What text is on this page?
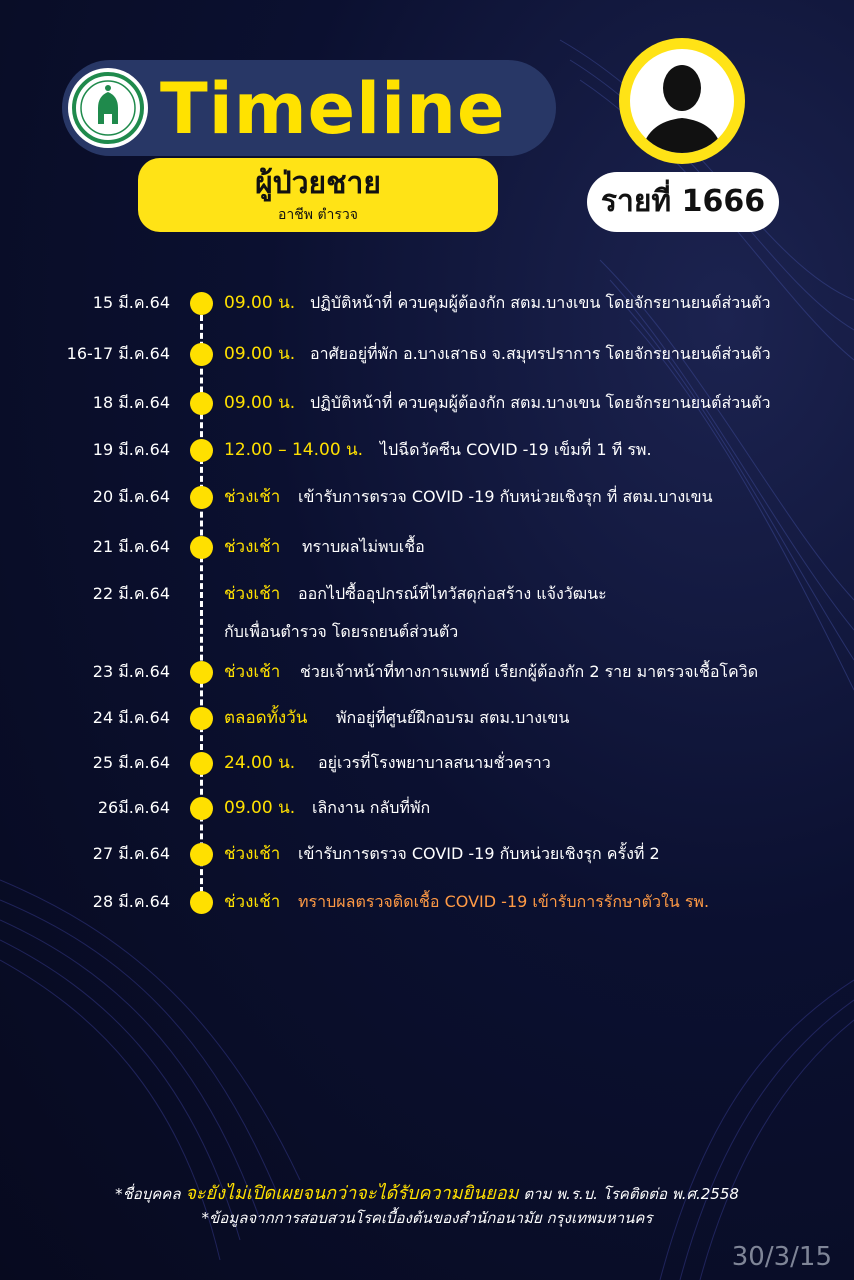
Timeline
ผู้ป่วยชาย
อาชีพ ตำรวจ	รายที่ 1666
15 มี.ค.64	09.00 น. ปฏิบัติหน้าที่ ควบคุมผู้ต้องกัก สตม.บางเขน โดยจักรยานยนต์ส่วนตัว
16-17 มี.ค.64	09.00 น. อาศัยอยู่ที่พัก อ.บางเสาธง จ.สมุทรปราการ โดยจักรยานยนต์ส่วนตัว
18 มี.ค.64	09.00 น. ปฏิบัติหน้าที่ ควบคุมผู้ต้องกัก สตม.บางเขน โดยจักรยานยนต์ส่วนตัว
19 มี.ค.64	12.00 – 14.00 น. ไปฉีดวัคซีน COVID -19 เข็มที่ 1 ที รพ.
20 มี.ค.64	ช่วงเช้า เข้ารับการตรวจ COVID -19 กับหน่วยเชิงรุก ที่ สตม.บางเขน
21 มี.ค.64	ช่วงเช้า ทราบผลไม่พบเชื้อ
22 มี.ค.64	ช่วงเช้า ออกไปซื้ออุปกรณ์ที่ไทวัสดุก่อสร้าง แจ้งวัฒนะ
กับเพื่อนตำรวจ โดยรถยนต์ส่วนตัว
23 มี.ค.64	ช่วงเช้า ช่วยเจ้าหน้าที่ทางการแพทย์ เรียกผู้ต้องกัก 2 ราย มาตรวจเชื้อโควิด
24 มี.ค.64	ตลอดทั้งวัน พักอยู่ที่ศูนย์ฝึกอบรม สตม.บางเขน
25 มี.ค.64	24.00 น. อยู่เวรที่โรงพยาบาลสนามชั่วคราว
26มี.ค.64	09.00 น. เลิกงาน กลับที่พัก
27 มี.ค.64	ช่วงเช้า เข้ารับการตรวจ COVID -19 กับหน่วยเชิงรุก ครั้งที่ 2
28 มี.ค.64	ช่วงเช้า ทราบผลตรวจติดเชื้อ COVID -19 เข้ารับการรักษาตัวใน รพ.
*ชื่อบุคคล จะยังไม่เปิดเผยจนกว่าจะได้รับความยินยอม ตาม พ.ร.บ. โรคติดต่อ พ.ศ.2558
*ข้อมูลจากการสอบสวนโรคเบื้องต้นของสำนักอนามัย กรุงเทพมหานคร
30/3/15
